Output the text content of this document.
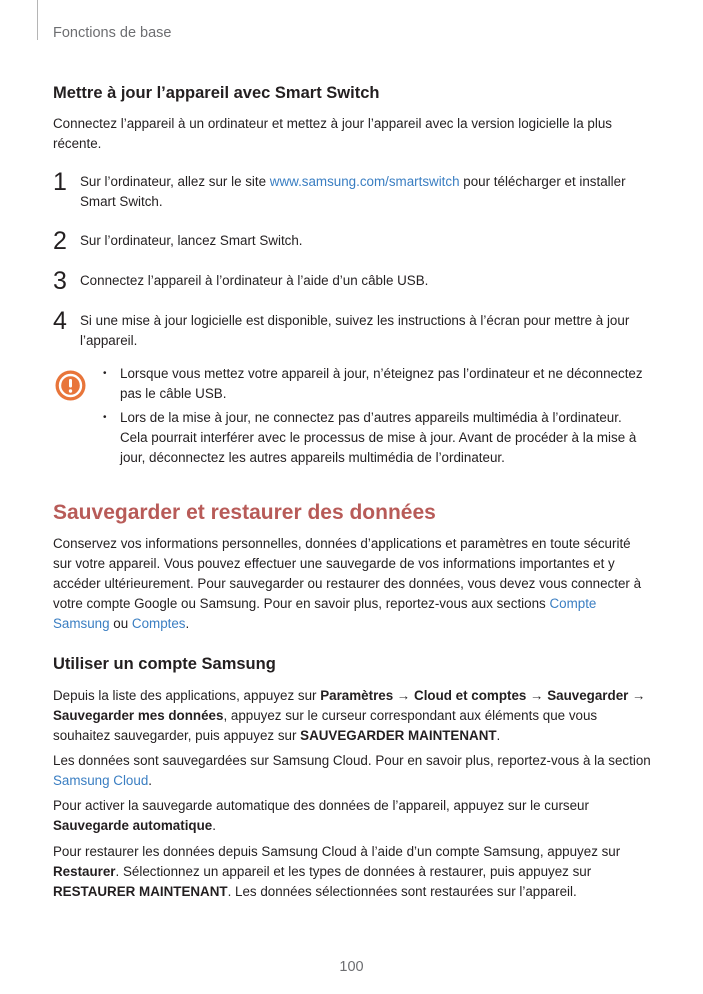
Fonctions de base
Mettre à jour l’appareil avec Smart Switch
Connectez l’appareil à un ordinateur et mettez à jour l’appareil avec la version logicielle la plus récente.
1 Sur l’ordinateur, allez sur le site www.samsung.com/smartswitch pour télécharger et installer Smart Switch.
2 Sur l’ordinateur, lancez Smart Switch.
3 Connectez l’appareil à l’ordinateur à l’aide d’un câble USB.
4 Si une mise à jour logicielle est disponible, suivez les instructions à l’écran pour mettre à jour l’appareil.
• Lorsque vous mettez votre appareil à jour, n’éteignez pas l’ordinateur et ne déconnectez pas le câble USB.
• Lors de la mise à jour, ne connectez pas d’autres appareils multimédia à l’ordinateur. Cela pourrait interférer avec le processus de mise à jour. Avant de procéder à la mise à jour, déconnectez les autres appareils multimédia de l’ordinateur.
Sauvegarder et restaurer des données
Conservez vos informations personnelles, données d’applications et paramètres en toute sécurité sur votre appareil. Vous pouvez effectuer une sauvegarde de vos informations importantes et y accéder ultérieurement. Pour sauvegarder ou restaurer des données, vous devez vous connecter à votre compte Google ou Samsung. Pour en savoir plus, reportez-vous aux sections Compte Samsung ou Comptes.
Utiliser un compte Samsung
Depuis la liste des applications, appuyez sur Paramètres → Cloud et comptes → Sauvegarder → Sauvegarder mes données, appuyez sur le curseur correspondant aux éléments que vous souhaitez sauvegarder, puis appuyez sur SAUVEGARDER MAINTENANT.
Les données sont sauvegardées sur Samsung Cloud. Pour en savoir plus, reportez-vous à la section Samsung Cloud.
Pour activer la sauvegarde automatique des données de l’appareil, appuyez sur le curseur Sauvegarde automatique.
Pour restaurer les données depuis Samsung Cloud à l’aide d’un compte Samsung, appuyez sur Restaurer. Sélectionnez un appareil et les types de données à restaurer, puis appuyez sur RESTAURER MAINTENANT. Les données sélectionnées sont restaurées sur l’appareil.
100
